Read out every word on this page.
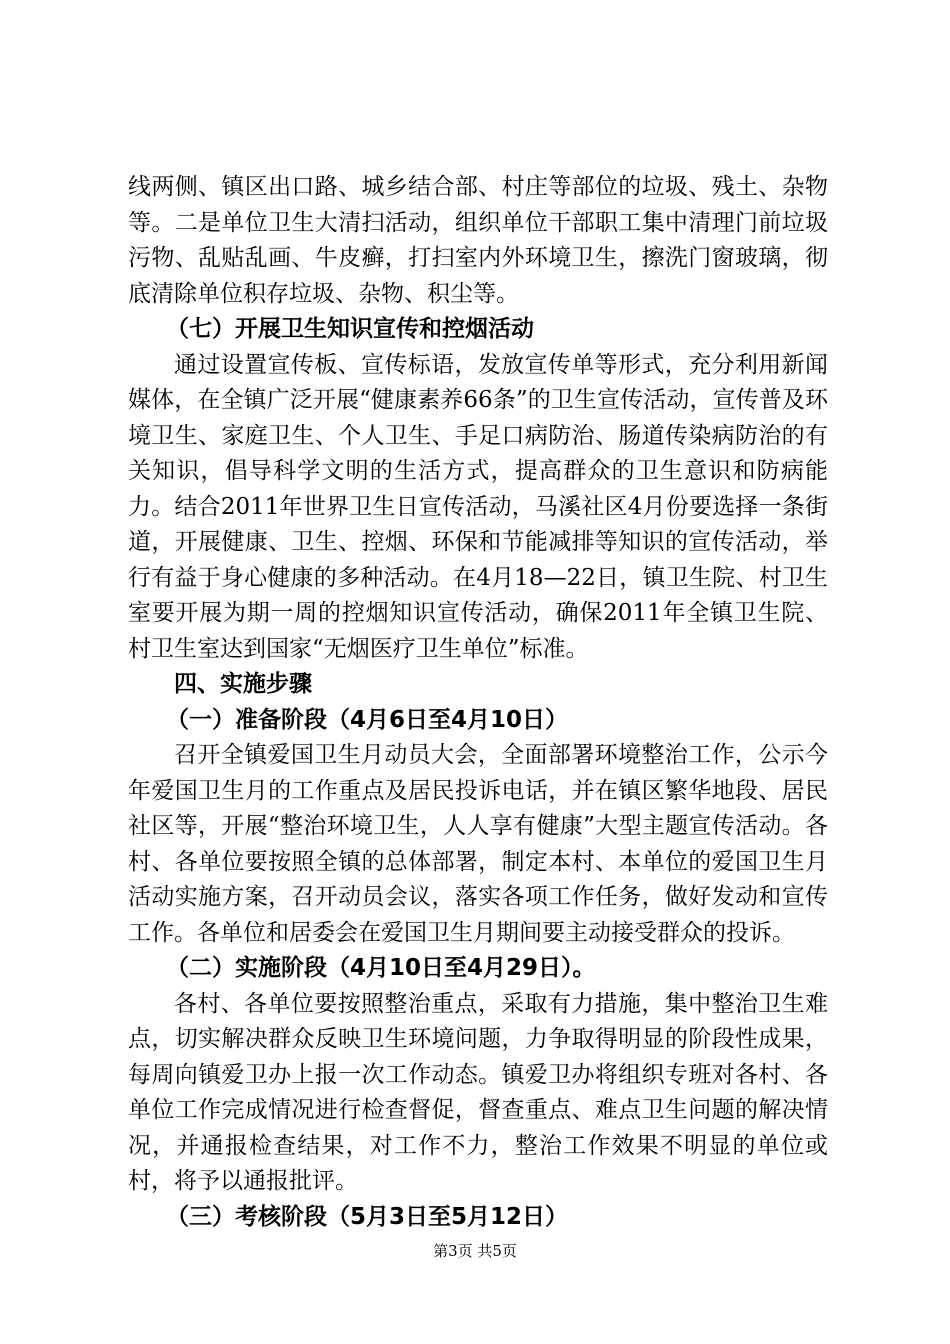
线两侧、镇区出口路、城乡结合部、村庄等部位的垃圾、残土、杂物等。二是单位卫生大清扫活动，组织单位干部职工集中清理门前垃圾污物、乱贴乱画、牛皮癣，打扫室内外环境卫生，擦洗门窗玻璃，彻底清除单位积存垃圾、杂物、积尘等。

（七）开展卫生知识宣传和控烟活动

通过设置宣传板、宣传标语，发放宣传单等形式，充分利用新闻媒体，在全镇广泛开展“健康素养66条”的卫生宣传活动，宣传普及环境卫生、家庭卫生、个人卫生、手足口病防治、肠道传染病防治的有关知识，倡导科学文明的生活方式，提高群众的卫生意识和防病能力。结合2011年世界卫生日宣传活动，马溪社区4月份要选择一条街道，开展健康、卫生、控烟、环保和节能减排等知识的宣传活动，举行有益于身心健康的多种活动。在4月18—22日，镇卫生院、村卫生室要开展为期一周的控烟知识宣传活动，确保2011年全镇卫生院、村卫生室达到国家“无烟医疗卫生单位”标准。

四、实施步骤

（一）准备阶段（4月6日至4月10日）

召开全镇爱国卫生月动员大会，全面部署环境整治工作，公示今年爱国卫生月的工作重点及居民投诉电话，并在镇区繁华地段、居民社区等，开展“整治环境卫生，人人享有健康”大型主题宣传活动。各村、各单位要按照全镇的总体部署，制定本村、本单位的爱国卫生月活动实施方案，召开动员会议，落实各项工作任务，做好发动和宣传工作。各单位和居委会在爱国卫生月期间要主动接受群众的投诉。

（二）实施阶段（4月10日至4月29日）。

各村、各单位要按照整治重点，采取有力措施，集中整治卫生难点，切实解决群众反映卫生环境问题，力争取得明显的阶段性成果，每周向镇爱卫办上报一次工作动态。镇爱卫办将组织专班对各村、各单位工作完成情况进行检查督促，督查重点、难点卫生问题的解决情况，并通报检查结果，对工作不力，整治工作效果不明显的单位或村，将予以通报批评。

（三）考核阶段（5月3日至5月12日）

第3页 共5页
